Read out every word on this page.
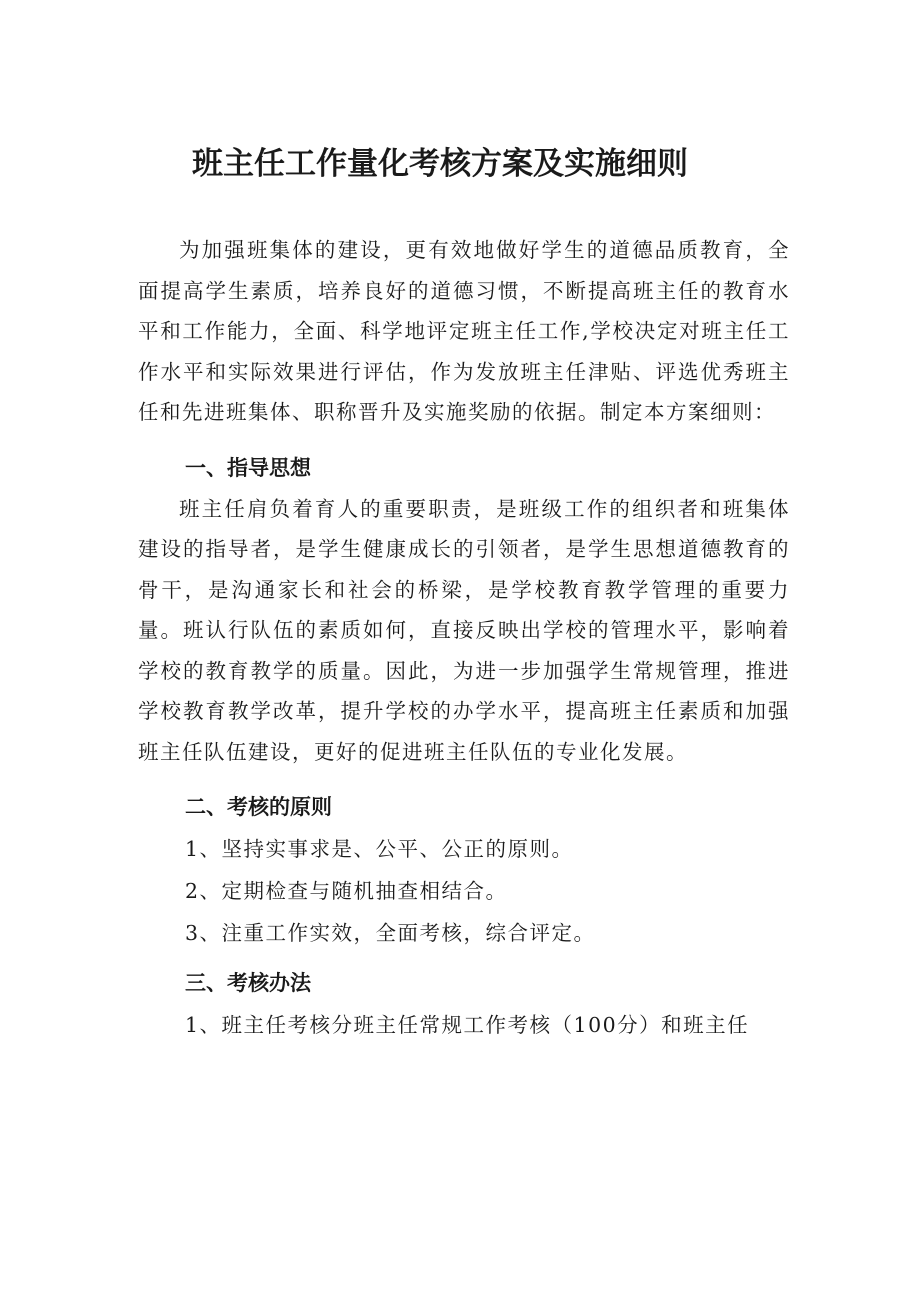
班主任工作量化考核方案及实施细则

为加强班集体的建设，更有效地做好学生的道德品质教育，全面提高学生素质，培养良好的道德习惯，不断提高班主任的教育水平和工作能力，全面、科学地评定班主任工作,学校决定对班主任工作水平和实际效果进行评估，作为发放班主任津贴、评选优秀班主任和先进班集体、职称晋升及实施奖励的依据。制定本方案细则：

一、指导思想

班主任肩负着育人的重要职责，是班级工作的组织者和班集体建设的指导者，是学生健康成长的引领者，是学生思想道德教育的骨干，是沟通家长和社会的桥梁，是学校教育教学管理的重要力量。班认行队伍的素质如何，直接反映出学校的管理水平，影响着学校的教育教学的质量。因此，为进一步加强学生常规管理，推进学校教育教学改革，提升学校的办学水平，提高班主任素质和加强班主任队伍建设，更好的促进班主任队伍的专业化发展。

二、考核的原则

1、坚持实事求是、公平、公正的原则。

2、定期检查与随机抽查相结合。

3、注重工作实效，全面考核，综合评定。

三、考核办法

1、班主任考核分班主任常规工作考核（100分）和班主任
